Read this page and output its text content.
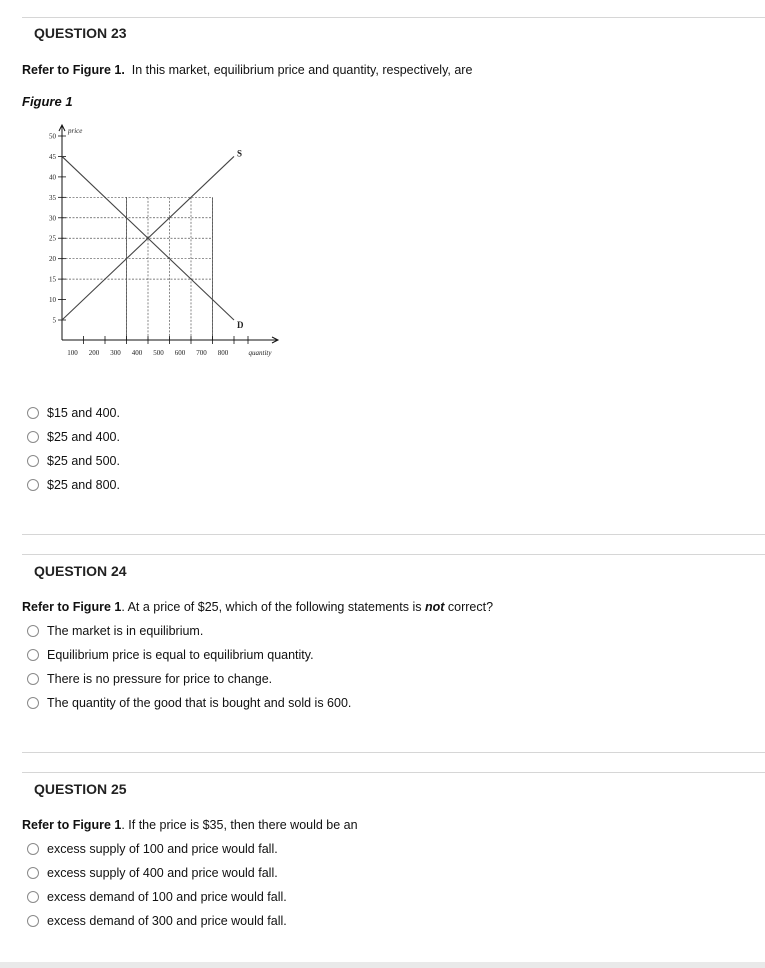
QUESTION 23
Refer to Figure 1. In this market, equilibrium price and quantity, respectively, are
Figure 1
5
10
15
20
25
30
35
40
45
50
100 200 300 400 500 600 700 800
price
quantity
S
D
$15 and 400.
$25 and 400.
$25 and 500.
$25 and 800.
QUESTION 24
Refer to Figure 1. At a price of $25, which of the following statements is not correct?
The market is in equilibrium.
Equilibrium price is equal to equilibrium quantity.
There is no pressure for price to change.
The quantity of the good that is bought and sold is 600.
QUESTION 25
Refer to Figure 1. If the price is $35, then there would be an
excess supply of 100 and price would fall.
excess supply of 400 and price would fall.
excess demand of 100 and price would fall.
excess demand of 300 and price would fall.
